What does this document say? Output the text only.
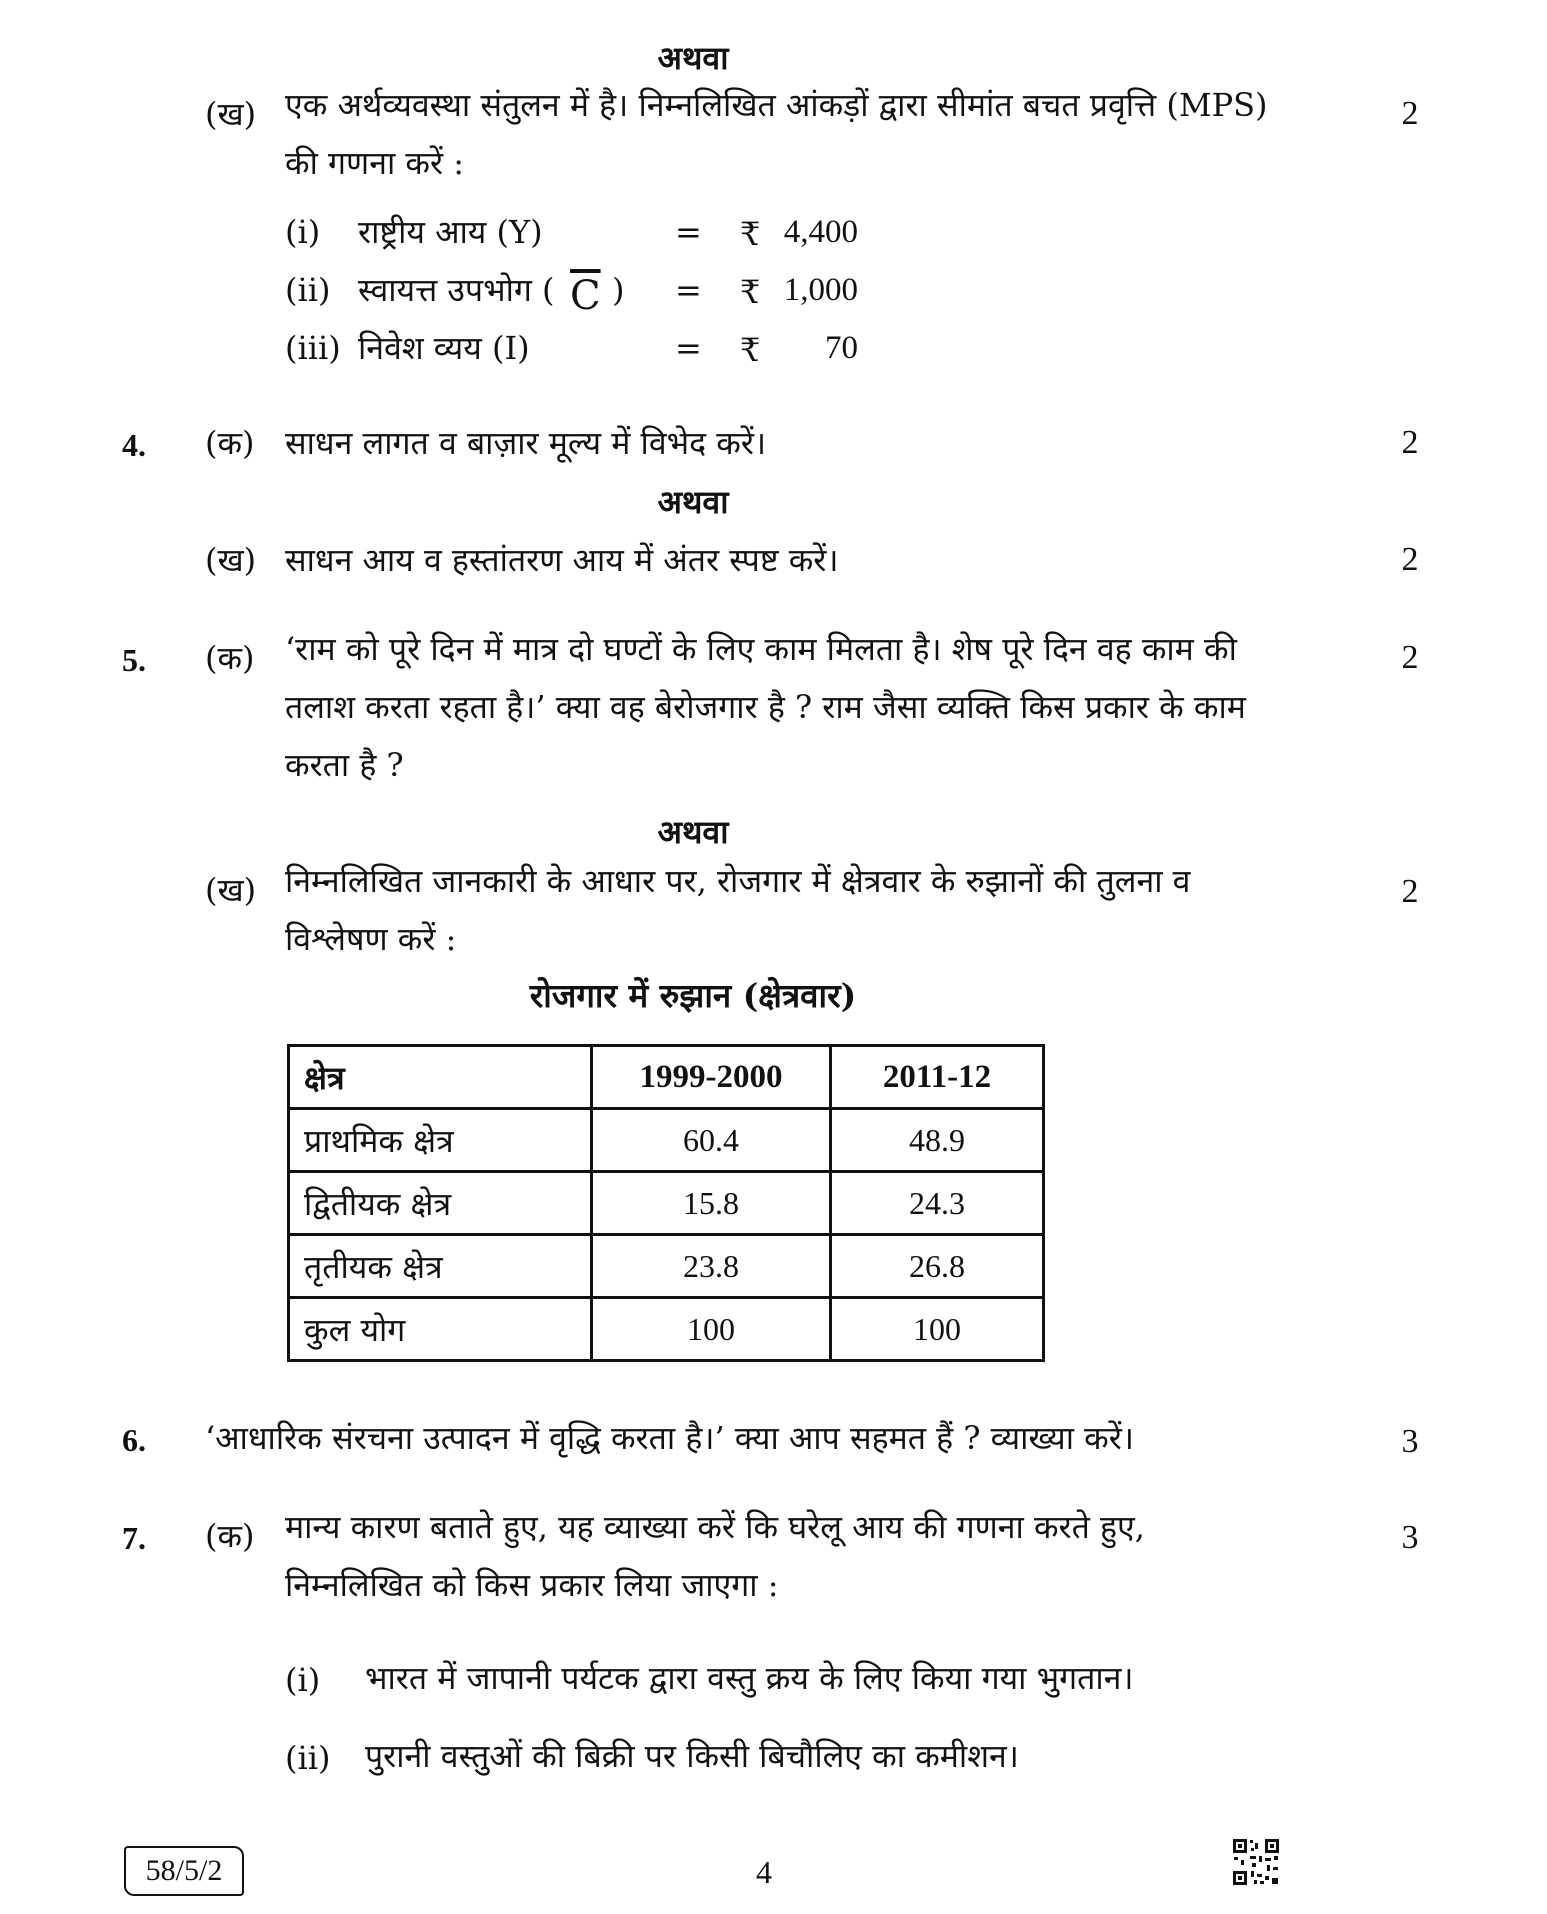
अथवा
(ख) एक अर्थव्यवस्था संतुलन में है। निम्नलिखित आंकड़ों द्वारा सीमांत बचत प्रवृत्ति (MPS) की गणना करें :
2
(i) राष्ट्रीय आय (Y)	= ₹ 4,400
(ii) स्वायत्त उपभोग ( $\overline{C}$ ) = ₹ 1,000
(iii) निवेश व्यय (I)	= ₹	70
4. (क) साधन लागत व बाज़ार मूल्य में विभेद करें।	2
अथवा
(ख) साधन आय व हस्तांतरण आय में अंतर स्पष्ट करें।	2
5. (क) ‘राम को पूरे दिन में मात्र दो घण्टों के लिए काम मिलता है। शेष पूरे दिन वह काम की तलाश करता रहता है।’ क्या वह बेरोजगार है ? राम जैसा व्यक्ति किस प्रकार के काम करता है ?
2
अथवा
(ख) निम्नलिखित जानकारी के आधार पर, रोजगार में क्षेत्रवार के रुझानों की तुलना व विश्लेषण करें :
2
रोजगार में रुझान (क्षेत्रवार)
क्षेत्र	1999-2000	2011-12
प्राथमिक क्षेत्र	60.4	48.9
द्वितीयक क्षेत्र	15.8	24.3
तृतीयक क्षेत्र	23.8	26.8
कुल योग	100	100
6. ‘आधारिक संरचना उत्पादन में वृद्धि करता है।’ क्या आप सहमत हैं ? व्याख्या करें।	3
7. (क) मान्य कारण बताते हुए, यह व्याख्या करें कि घरेलू आय की गणना करते हुए, निम्नलिखित को किस प्रकार लिया जाएगा :
3
(i) भारत में जापानी पर्यटक द्वारा वस्तु क्रय के लिए किया गया भुगतान।
(ii) पुरानी वस्तुओं की बिक्री पर किसी बिचौलिए का कमीशन।
58/5/2	4
